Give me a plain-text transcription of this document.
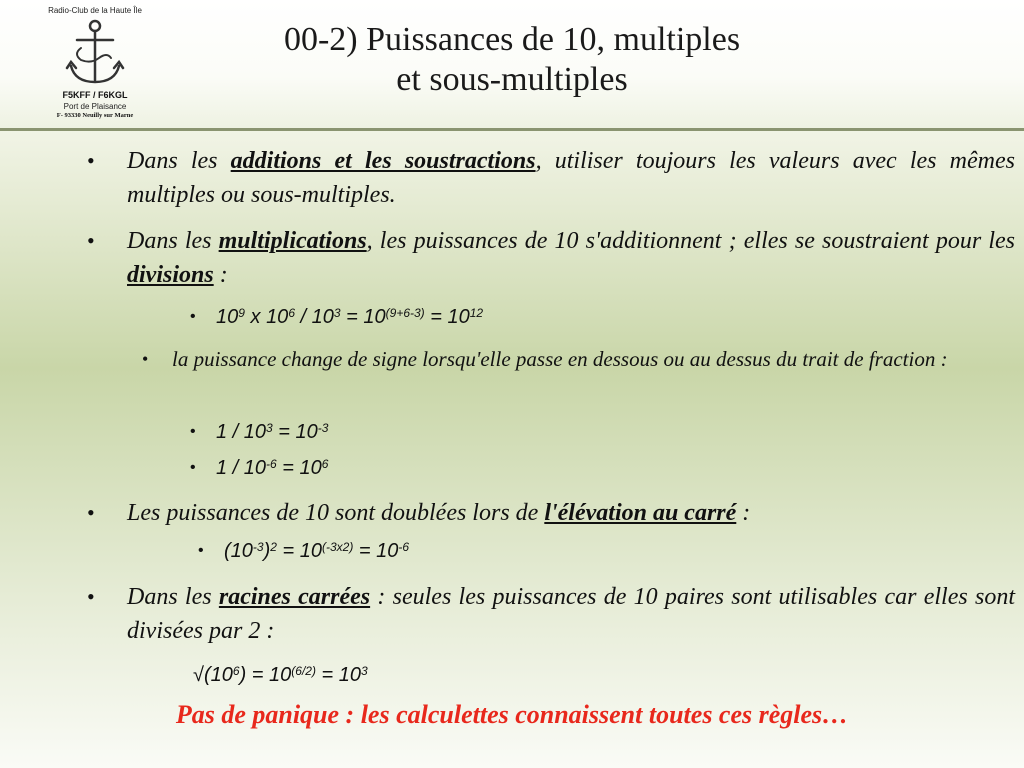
Radio-Club de la Haute Île
F5KFF / F6KGL
Port de Plaisance
F- 93330 Neuilly sur Marne
00-2) Puissances de 10, multiples
et sous-multiples
• Dans les additions et les soustractions, utiliser toujours les valeurs avec les mêmes multiples ou sous-multiples.
• Dans les multiplications, les puissances de 10 s'additionnent ; elles se soustraient pour les divisions :
• $10^9$ x $10^6 / 10^3 = 10^{(9+6-3)} = 10^{12}$
• la puissance change de signe lorsqu'elle passe en dessous ou au dessus du trait de fraction :
• $1 / 10^3 = 10^{-3}$
• $1 / 10^{-6} = 10^6$
• Les puissances de 10 sont doublées lors de l'élévation au carré :
• $(10^{-3})^2 = 10^{(-3x2)} = 10^{-6}$
• Dans les racines carrées : seules les puissances de 10 paires sont utilisables car elles sont divisées par 2 :
$√(10^6) = 10^{(6/2)} = 10^3$
Pas de panique : les calculettes connaissent toutes ces règles…
